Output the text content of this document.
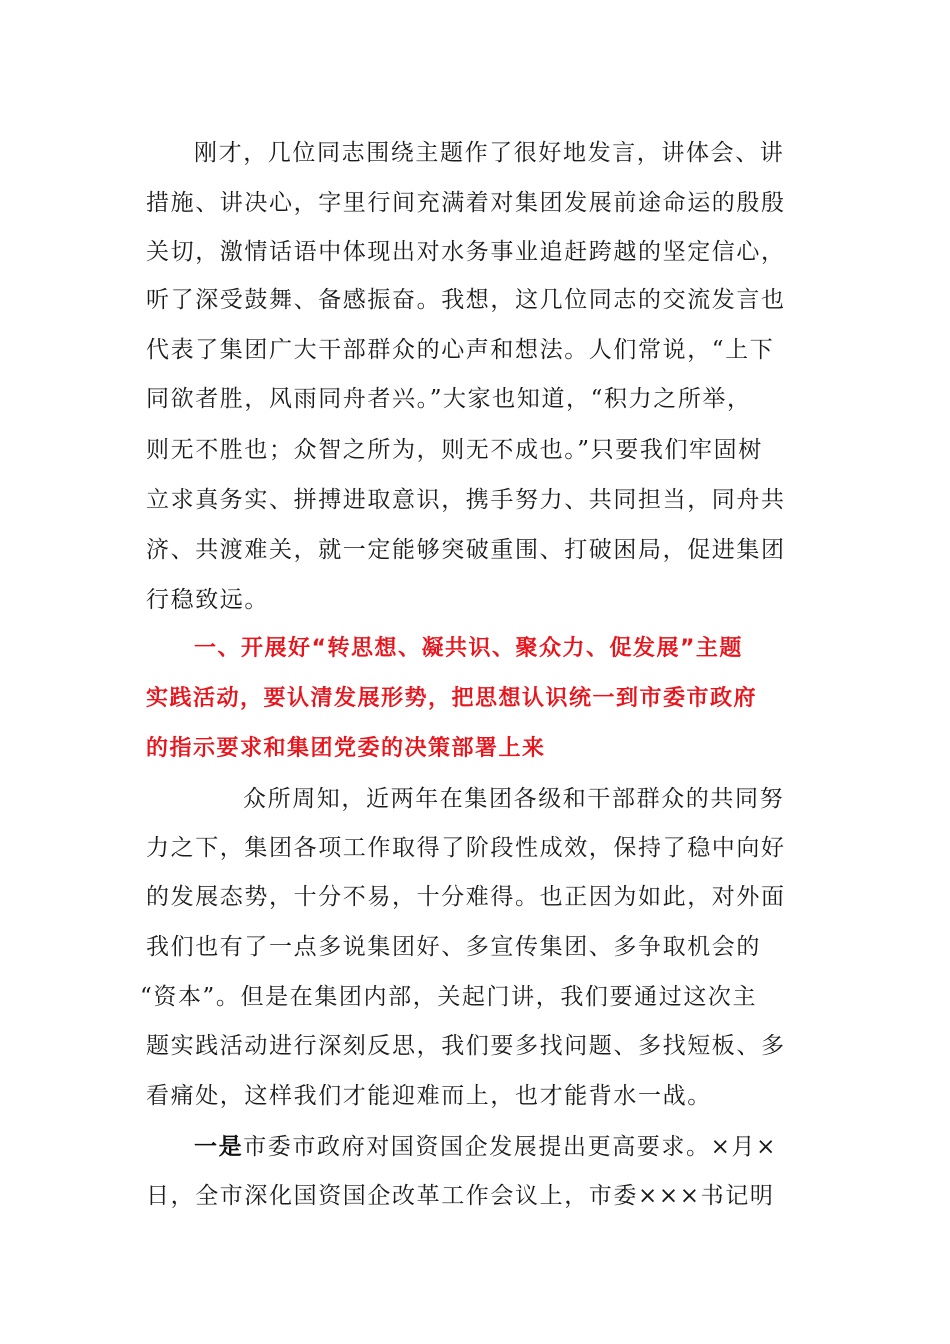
刚才，几位同志围绕主题作了很好地发言，讲体会、讲
措施、讲决心，字里行间充满着对集团发展前途命运的殷殷
关切，激情话语中体现出对水务事业追赶跨越的坚定信心，
听了深受鼓舞、备感振奋。我想，这几位同志的交流发言也
代表了集团广大干部群众的心声和想法。人们常说，“上下
同欲者胜，风雨同舟者兴。”大家也知道，“积力之所举，
则无不胜也；众智之所为，则无不成也。”只要我们牢固树
立求真务实、拼搏进取意识，携手努力、共同担当，同舟共
济、共渡难关，就一定能够突破重围、打破困局，促进集团
行稳致远。
一、开展好“转思想、凝共识、聚众力、促发展”主题
实践活动，要认清发展形势，把思想认识统一到市委市政府
的指示要求和集团党委的决策部署上来
众所周知，近两年在集团各级和干部群众的共同努
力之下，集团各项工作取得了阶段性成效，保持了稳中向好
的发展态势，十分不易，十分难得。也正因为如此，对外面
我们也有了一点多说集团好、多宣传集团、多争取机会的
“资本”。但是在集团内部，关起门讲，我们要通过这次主
题实践活动进行深刻反思，我们要多找问题、多找短板、多
看痛处，这样我们才能迎难而上，也才能背水一战。
一是市委市政府对国资国企发展提出更高要求。×月×
日，全市深化国资国企改革工作会议上，市委×××书记明
